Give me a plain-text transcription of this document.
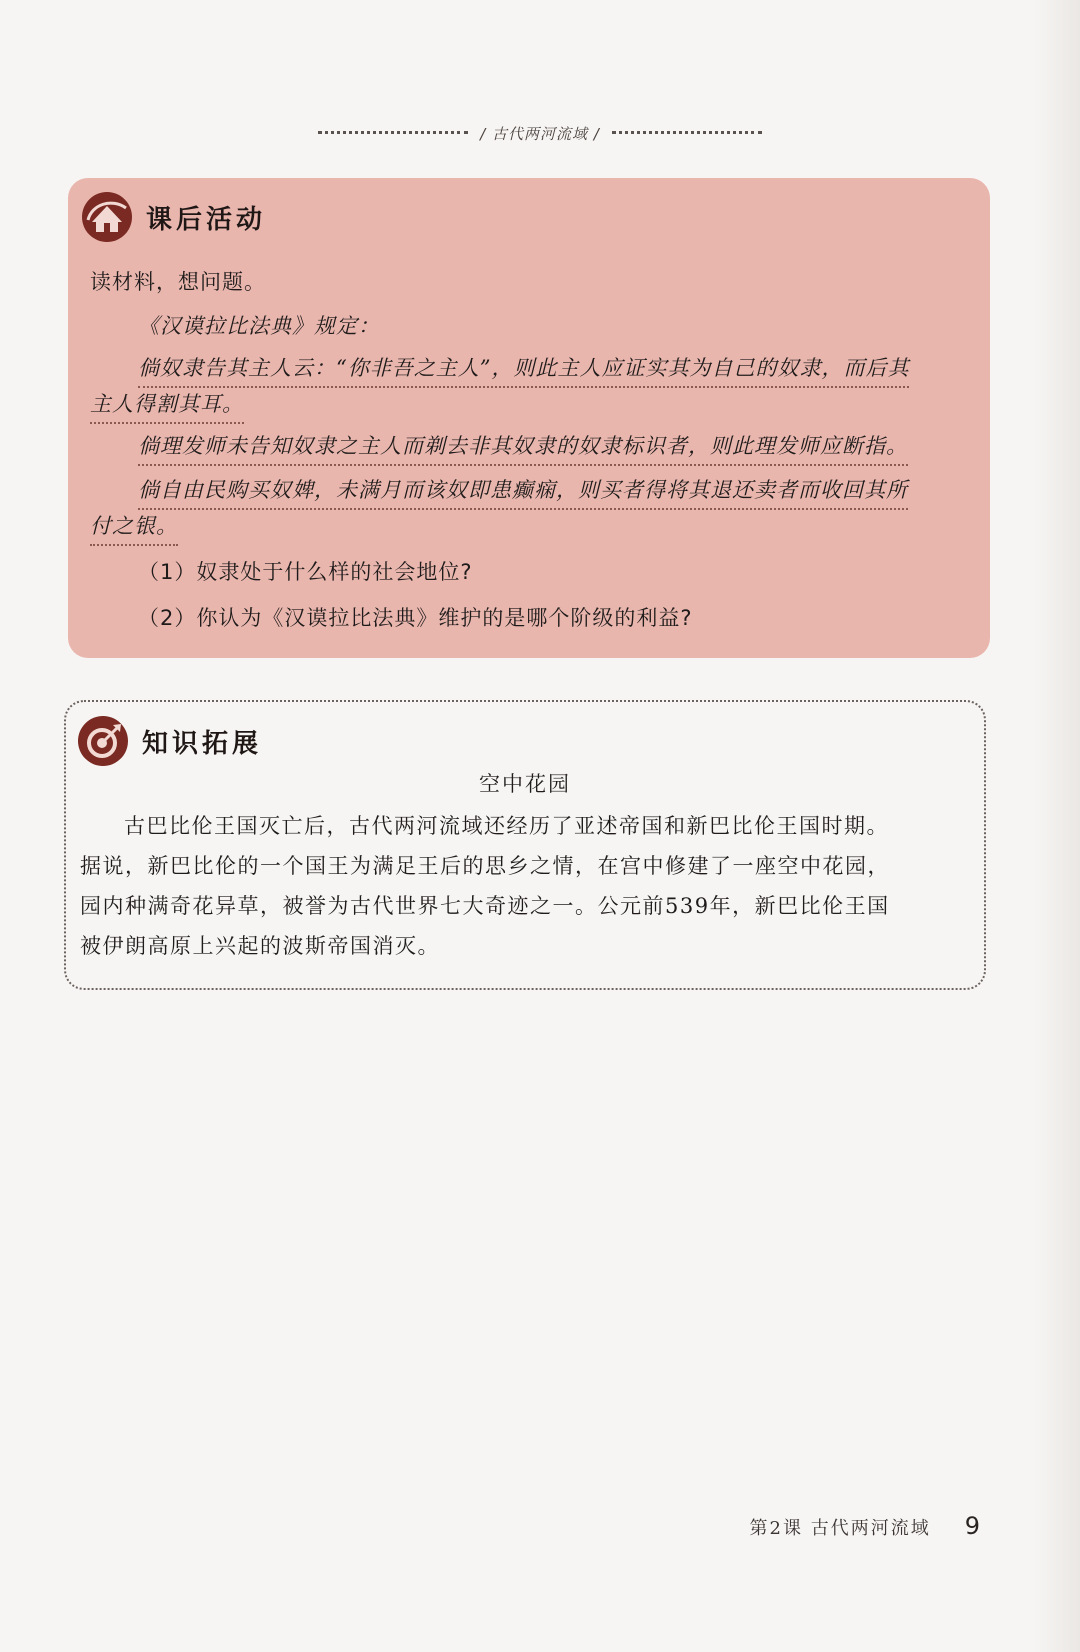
/ 古代两河流域 /
课后活动
读材料，想问题。
《汉谟拉比法典》规定：
倘奴隶告其主人云：“你非吾之主人”，则此主人应证实其为自己的奴隶，而后其
主人得割其耳。
倘理发师未告知奴隶之主人而剃去非其奴隶的奴隶标识者，则此理发师应断指。
倘自由民购买奴婢，未满月而该奴即患癫痫，则买者得将其退还卖者而收回其所
付之银。
（1）奴隶处于什么样的社会地位?
（2）你认为《汉谟拉比法典》维护的是哪个阶级的利益?
知识拓展
空中花园
古巴比伦王国灭亡后，古代两河流域还经历了亚述帝国和新巴比伦王国时期。
据说，新巴比伦的一个国王为满足王后的思乡之情，在宫中修建了一座空中花园，
园内种满奇花异草，被誉为古代世界七大奇迹之一。公元前539年，新巴比伦王国
被伊朗高原上兴起的波斯帝国消灭。
第2课 古代两河流域 9
